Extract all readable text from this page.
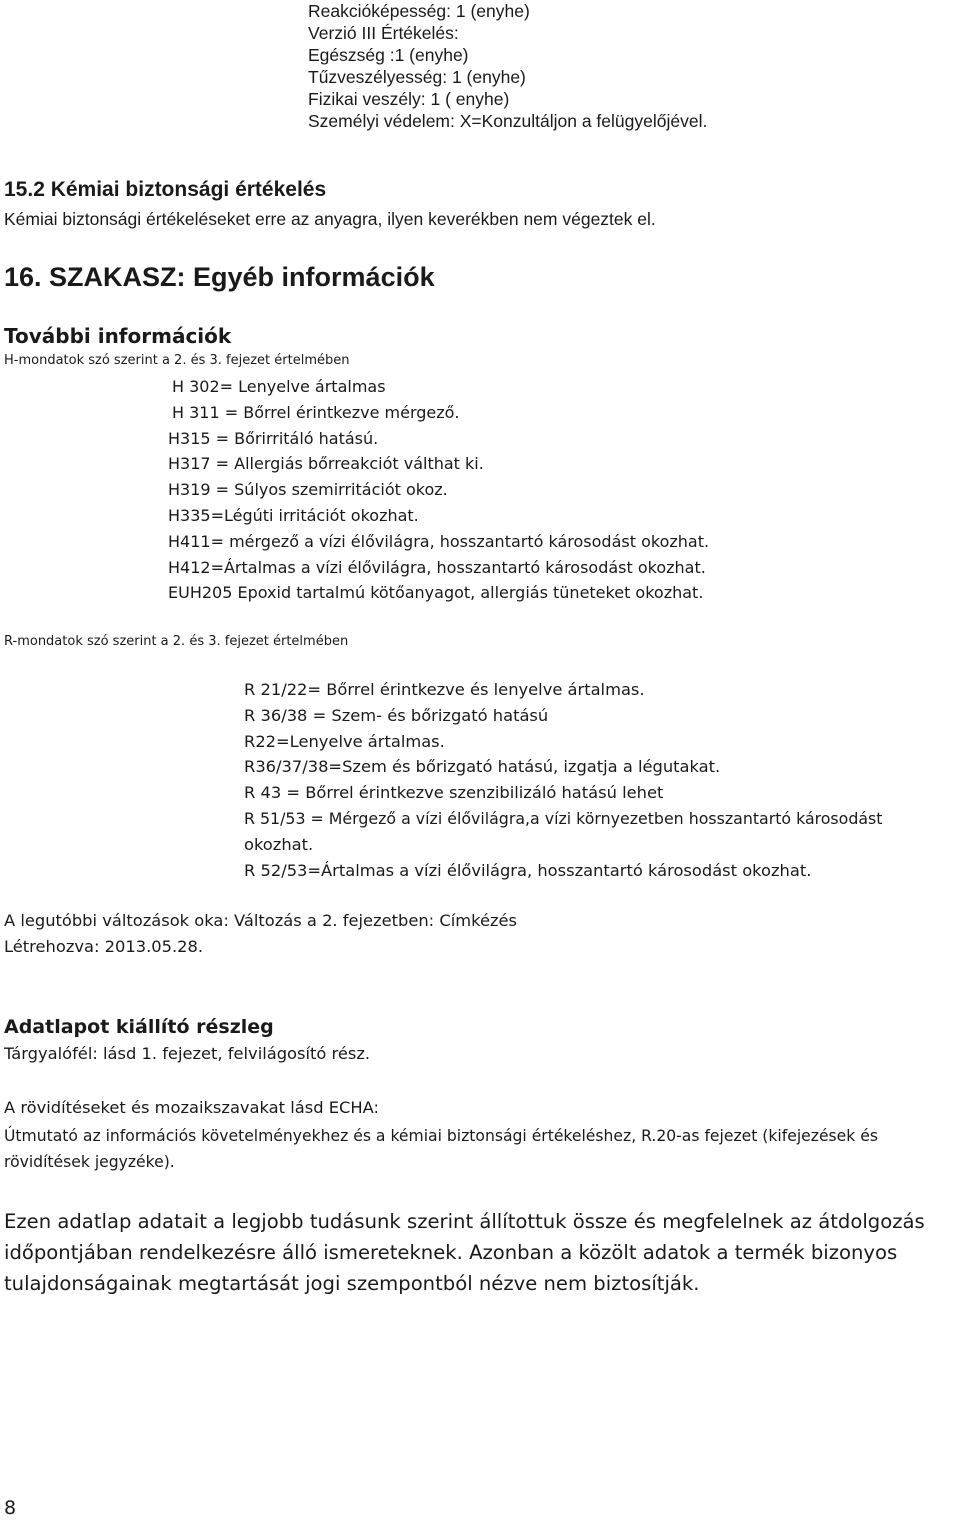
Reakcióképesség: 1 (enyhe)
Verzió III Értékelés:
Egészség :1 (enyhe)
Tűzveszélyesség: 1 (enyhe)
Fizikai veszély: 1 ( enyhe)
Személyi védelem: X=Konzultáljon a felügyelőjével.
15.2 Kémiai biztonsági értékelés
Kémiai biztonsági értékeléseket erre az anyagra, ilyen keverékben nem végeztek el.
16. SZAKASZ: Egyéb információk
További információk
H-mondatok szó szerint a 2. és 3. fejezet értelmében
H 302= Lenyelve ártalmas
H 311 = Bőrrel érintkezve mérgező.
H315 = Bőrirritáló hatású.
H317 = Allergiás bőrreakciót válthat ki.
H319 = Súlyos szemirritációt okoz.
H335=Légúti irritációt okozhat.
H411= mérgező a vízi élővilágra, hosszantartó károsodást okozhat.
H412=Ártalmas a vízi élővilágra, hosszantartó károsodást okozhat.
EUH205 Epoxid tartalmú kötőanyagot, allergiás tüneteket okozhat.
R-mondatok szó szerint a 2. és 3. fejezet értelmében
R 21/22= Bőrrel érintkezve és lenyelve ártalmas.
R 36/38 = Szem- és bőrizgató hatású
R22=Lenyelve ártalmas.
R36/37/38=Szem és bőrizgató hatású, izgatja a légutakat.
R 43 = Bőrrel érintkezve szenzibilizáló hatású lehet
R 51/53 = Mérgező a vízi élővilágra,a vízi környezetben hosszantartó károsodást
okozhat.
R 52/53=Ártalmas a vízi élővilágra, hosszantartó károsodást okozhat.
A legutóbbi változások oka: Változás a 2. fejezetben: Címkézés
Létrehozva: 2013.05.28.
Adatlapot kiállító részleg
Tárgyalófél: lásd 1. fejezet, felvilágosító rész.
A rövidítéseket és mozaikszavakat lásd ECHA:
Útmutató az információs követelményekhez és a kémiai biztonsági értékeléshez, R.20-as fejezet (kifejezések és rövidítések jegyzéke).
Ezen adatlap adatait a legjobb tudásunk szerint állítottuk össze és megfelelnek az átdolgozás időpontjában rendelkezésre álló ismereteknek. Azonban a közölt adatok a termék bizonyos tulajdonságainak megtartását jogi szempontból nézve nem biztosítják.
8
